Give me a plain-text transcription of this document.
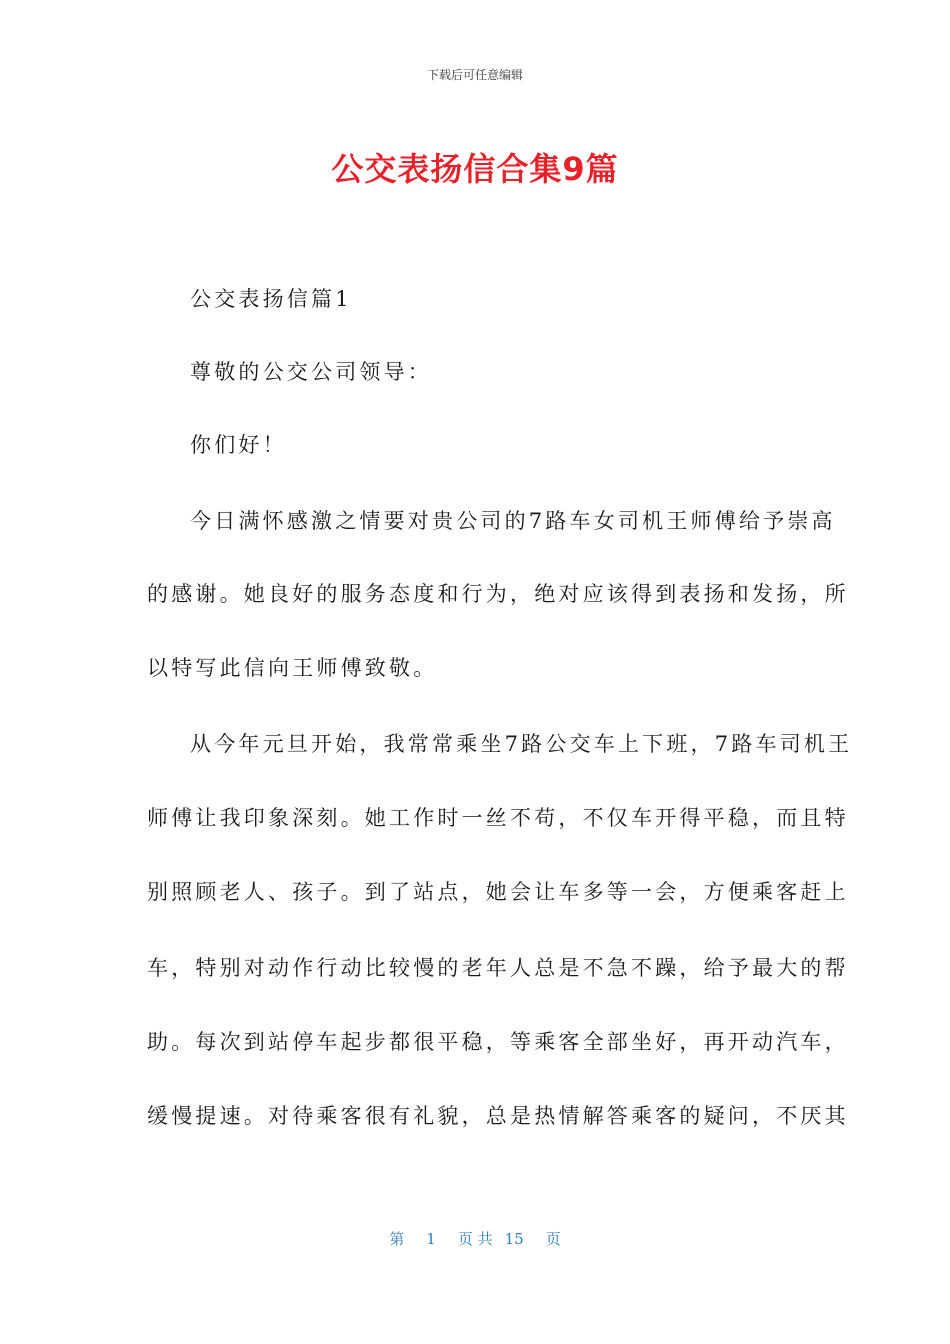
下载后可任意编辑
公交表扬信合集9篇
公交表扬信篇1
尊敬的公交公司领导：
你们好！
今日满怀感激之情要对贵公司的7路车女司机王师傅给予崇高
的感谢。她良好的服务态度和行为，绝对应该得到表扬和发扬，所
以特写此信向王师傅致敬。
从今年元旦开始，我常常乘坐7路公交车上下班，7路车司机王
师傅让我印象深刻。她工作时一丝不苟，不仅车开得平稳，而且特
别照顾老人、孩子。到了站点，她会让车多等一会，方便乘客赶上
车，特别对动作行动比较慢的老年人总是不急不躁，给予最大的帮
助。每次到站停车起步都很平稳，等乘客全部坐好，再开动汽车，
缓慢提速。对待乘客很有礼貌，总是热情解答乘客的疑问，不厌其
第 1 页 共 15 页
